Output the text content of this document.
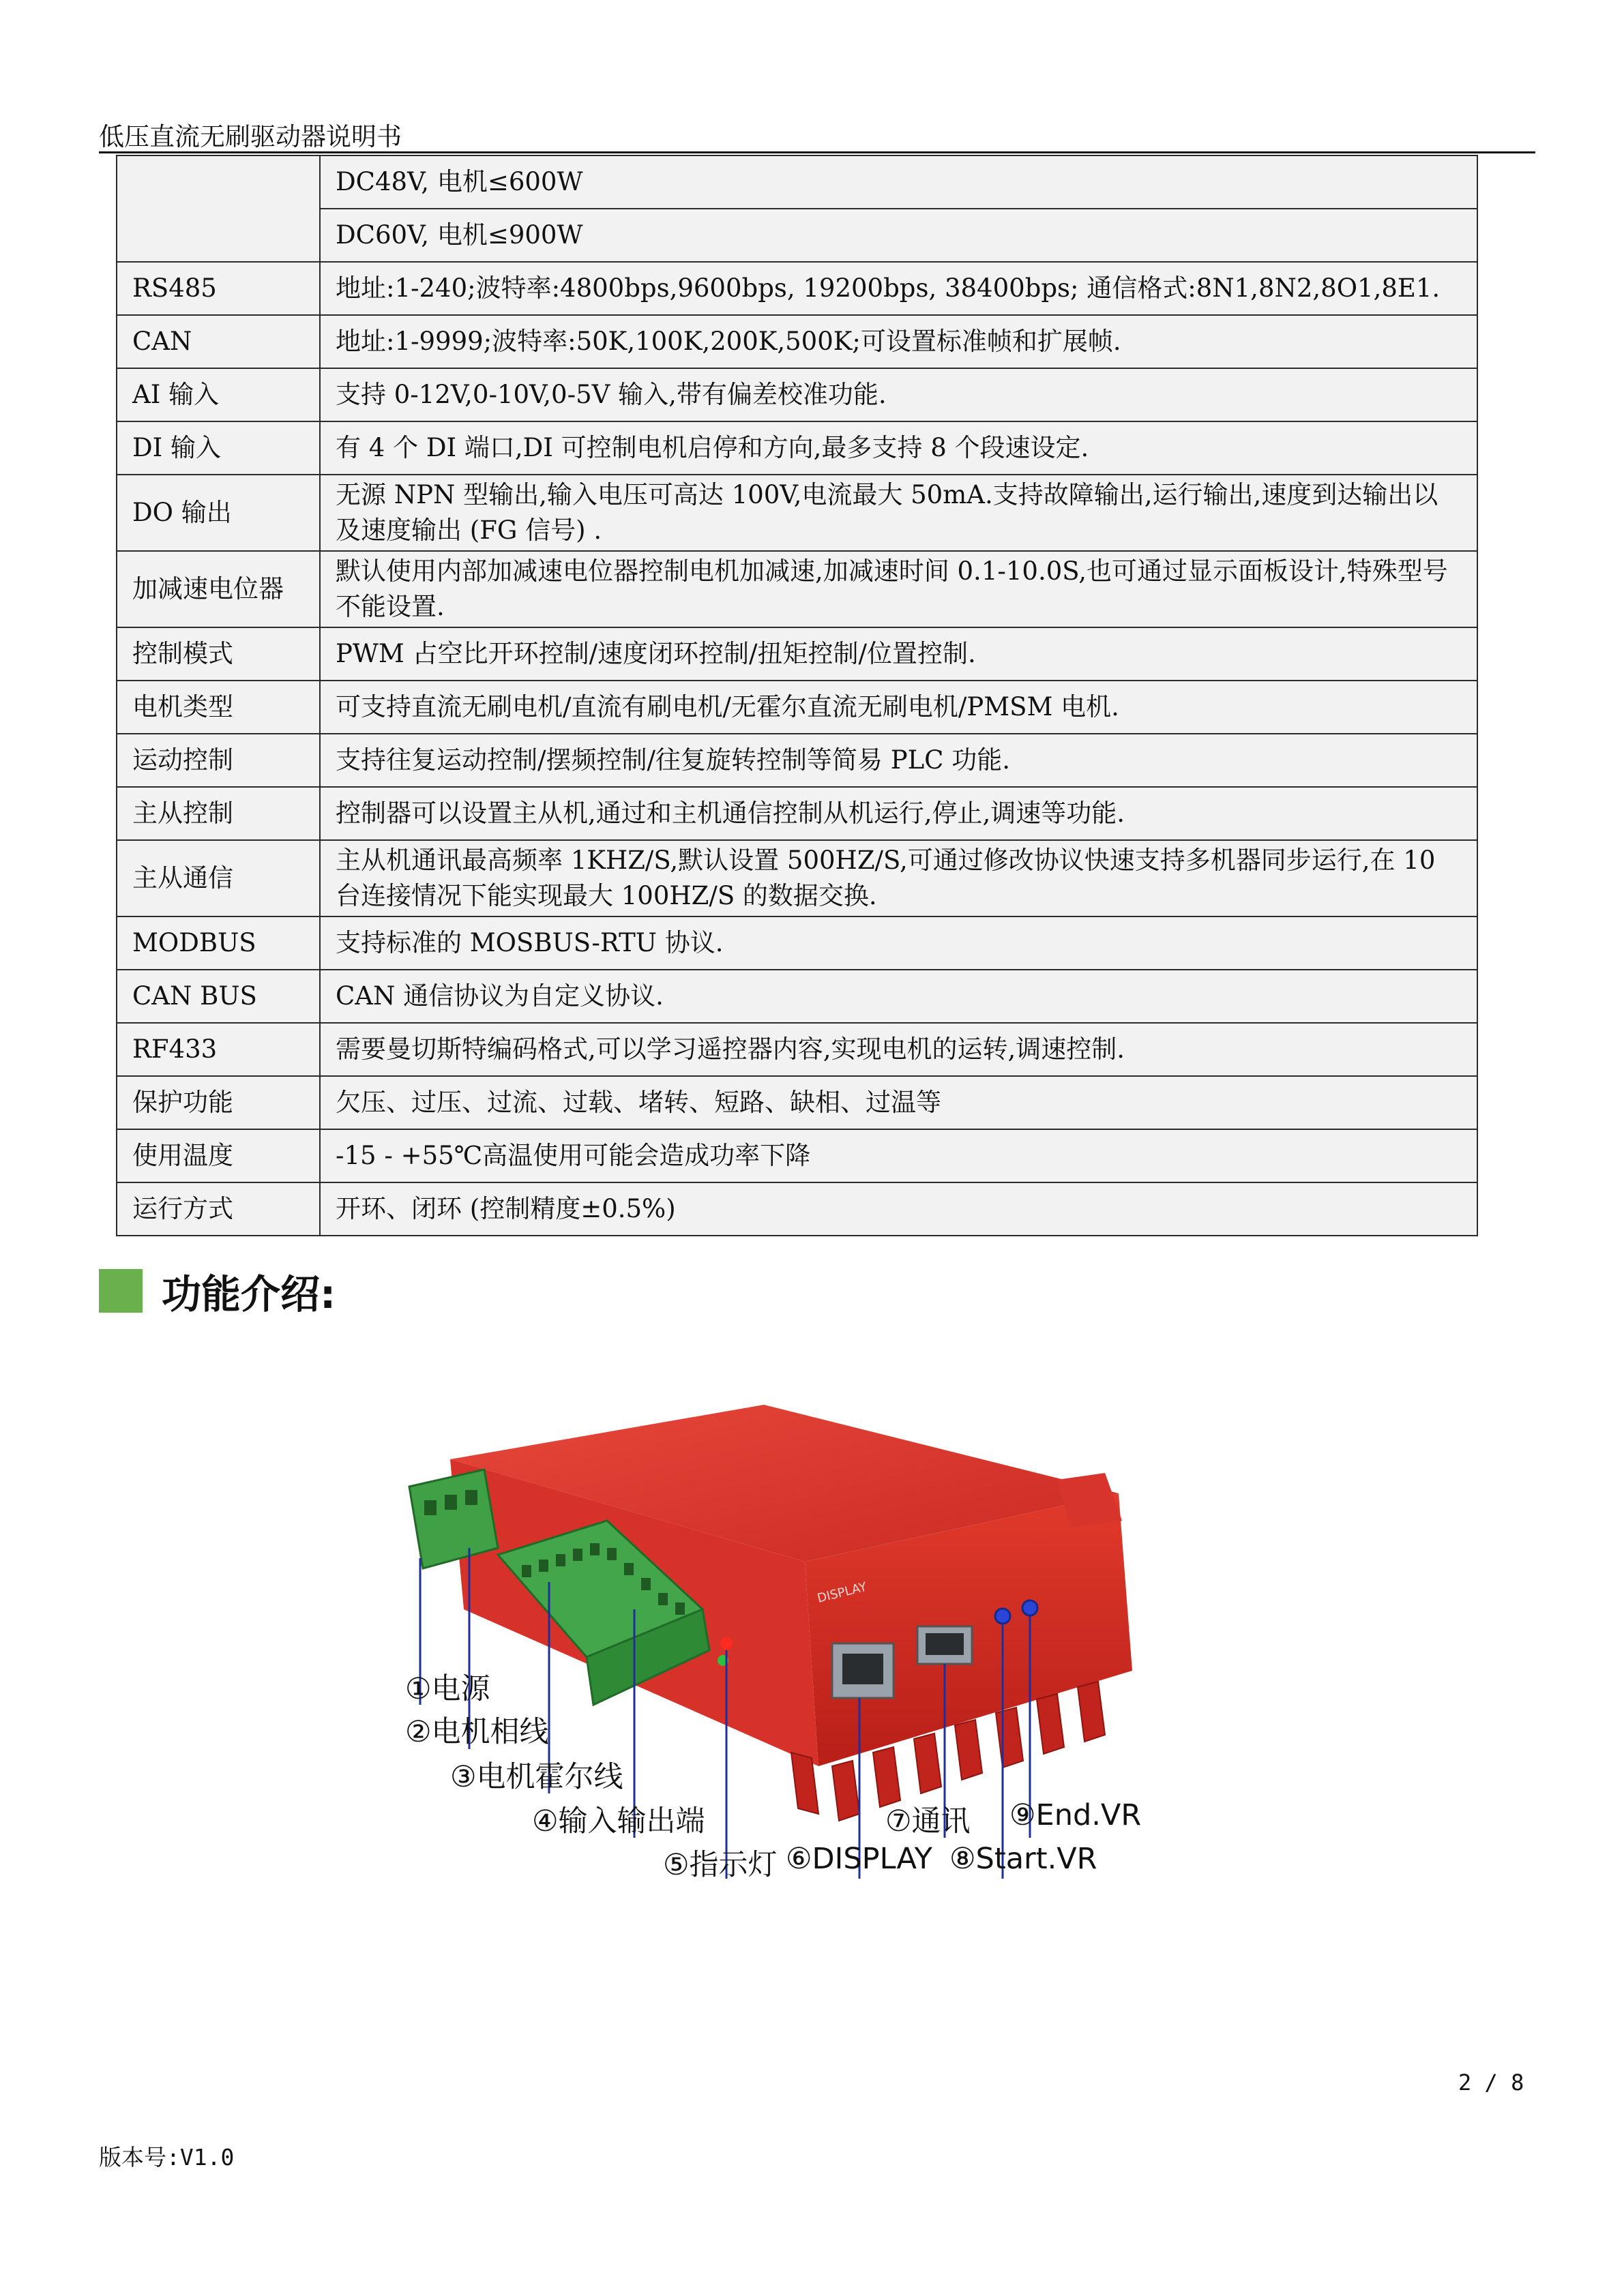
低压直流无刷驱动器说明书
	DC48V, 电机≤600W
	DC60V, 电机≤900W
RS485	地址:1-240;波特率:4800bps,9600bps, 19200bps, 38400bps; 通信格式:8N1,8N2,8O1,8E1.
CAN	地址:1-9999;波特率:50K,100K,200K,500K;可设置标准帧和扩展帧.
AI 输入	支持 0-12V,0-10V,0-5V 输入,带有偏差校准功能.
DI 输入	有 4 个 DI 端口,DI 可控制电机启停和方向,最多支持 8 个段速设定.
DO 输出	无源 NPN 型输出,输入电压可高达 100V,电流最大 50mA.支持故障输出,运行输出,速度到达输出以及速度输出 (FG 信号) .
加减速电位器	默认使用内部加减速电位器控制电机加减速,加减速时间 0.1-10.0S,也可通过显示面板设计,特殊型号不能设置.
控制模式	PWM 占空比开环控制/速度闭环控制/扭矩控制/位置控制.
电机类型	可支持直流无刷电机/直流有刷电机/无霍尔直流无刷电机/PMSM 电机.
运动控制	支持往复运动控制/摆频控制/往复旋转控制等简易 PLC 功能.
主从控制	控制器可以设置主从机,通过和主机通信控制从机运行,停止,调速等功能.
主从通信	主从机通讯最高频率 1KHZ/S,默认设置 500HZ/S,可通过修改协议快速支持多机器同步运行,在 10 台连接情况下能实现最大 100HZ/S 的数据交换.
MODBUS	支持标准的 MOSBUS-RTU 协议.
CAN BUS	CAN 通信协议为自定义协议.
RF433	需要曼切斯特编码格式,可以学习遥控器内容,实现电机的运转,调速控制.
保护功能	欠压、过压、过流、过载、堵转、短路、缺相、过温等
使用温度	-15 - +55℃高温使用可能会造成功率下降
运行方式	开环、闭环 (控制精度±0.5%)
功能介绍:
DISPLAY
①电源
②电机相线
③电机霍尔线
④输入输出端
⑤指示灯 ⑥DISPLAY
⑦通讯
⑧Start.VR
⑨End.VR
2 / 8
版本号:V1.0
